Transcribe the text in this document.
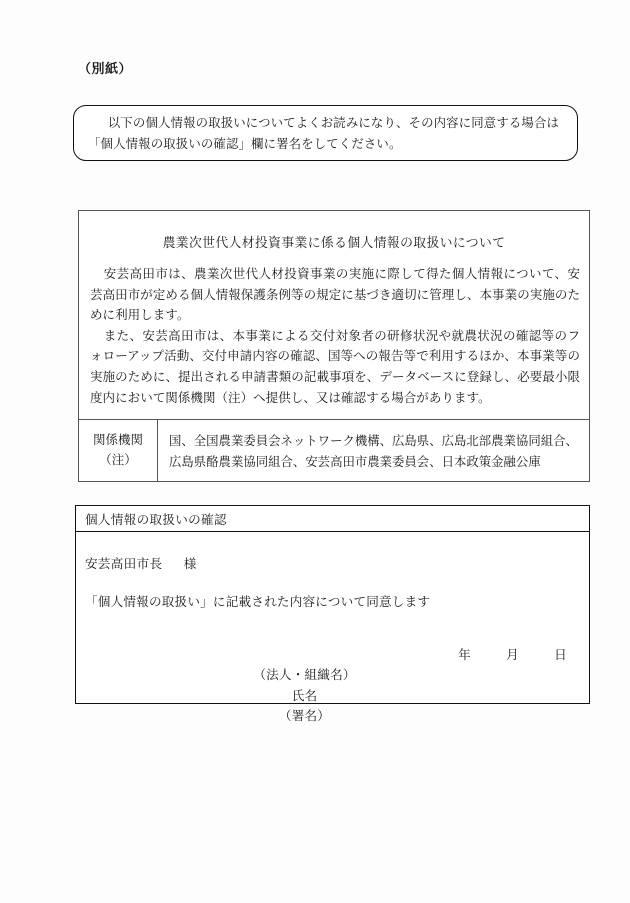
（別紙）
以下の個人情報の取扱いについてよくお読みになり、その内容に同意する場合は
「個人情報の取扱いの確認」欄に署名をしてください。
農業次世代人材投資事業に係る個人情報の取扱いについて

安芸高田市は、農業次世代人材投資事業の実施に際して得た個人情報について、安芸高田市が定める個人情報保護条例等の規定に基づき適切に管理し、本事業の実施のために利用します。

また、安芸高田市は、本事業による交付対象者の研修状況や就農状況の確認等のフォローアップ活動、交付申請内容の確認、国等への報告等で利用するほか、本事業等の実施のために、提出される申請書類の記載事項を、データベースに登録し、必要最小限度内において関係機関（注）へ提供し、又は確認する場合があります。

関係機関
（注）
国、全国農業委員会ネットワーク機構、広島県、広島北部農業協同組合、
広島県酪農業協同組合、安芸高田市農業委員会、日本政策金融公庫
個人情報の取扱いの確認
安芸高田市長 様
「個人情報の取扱い」に記載された内容について同意します
年	月	日
（法人・組織名）
氏名
（署名）
